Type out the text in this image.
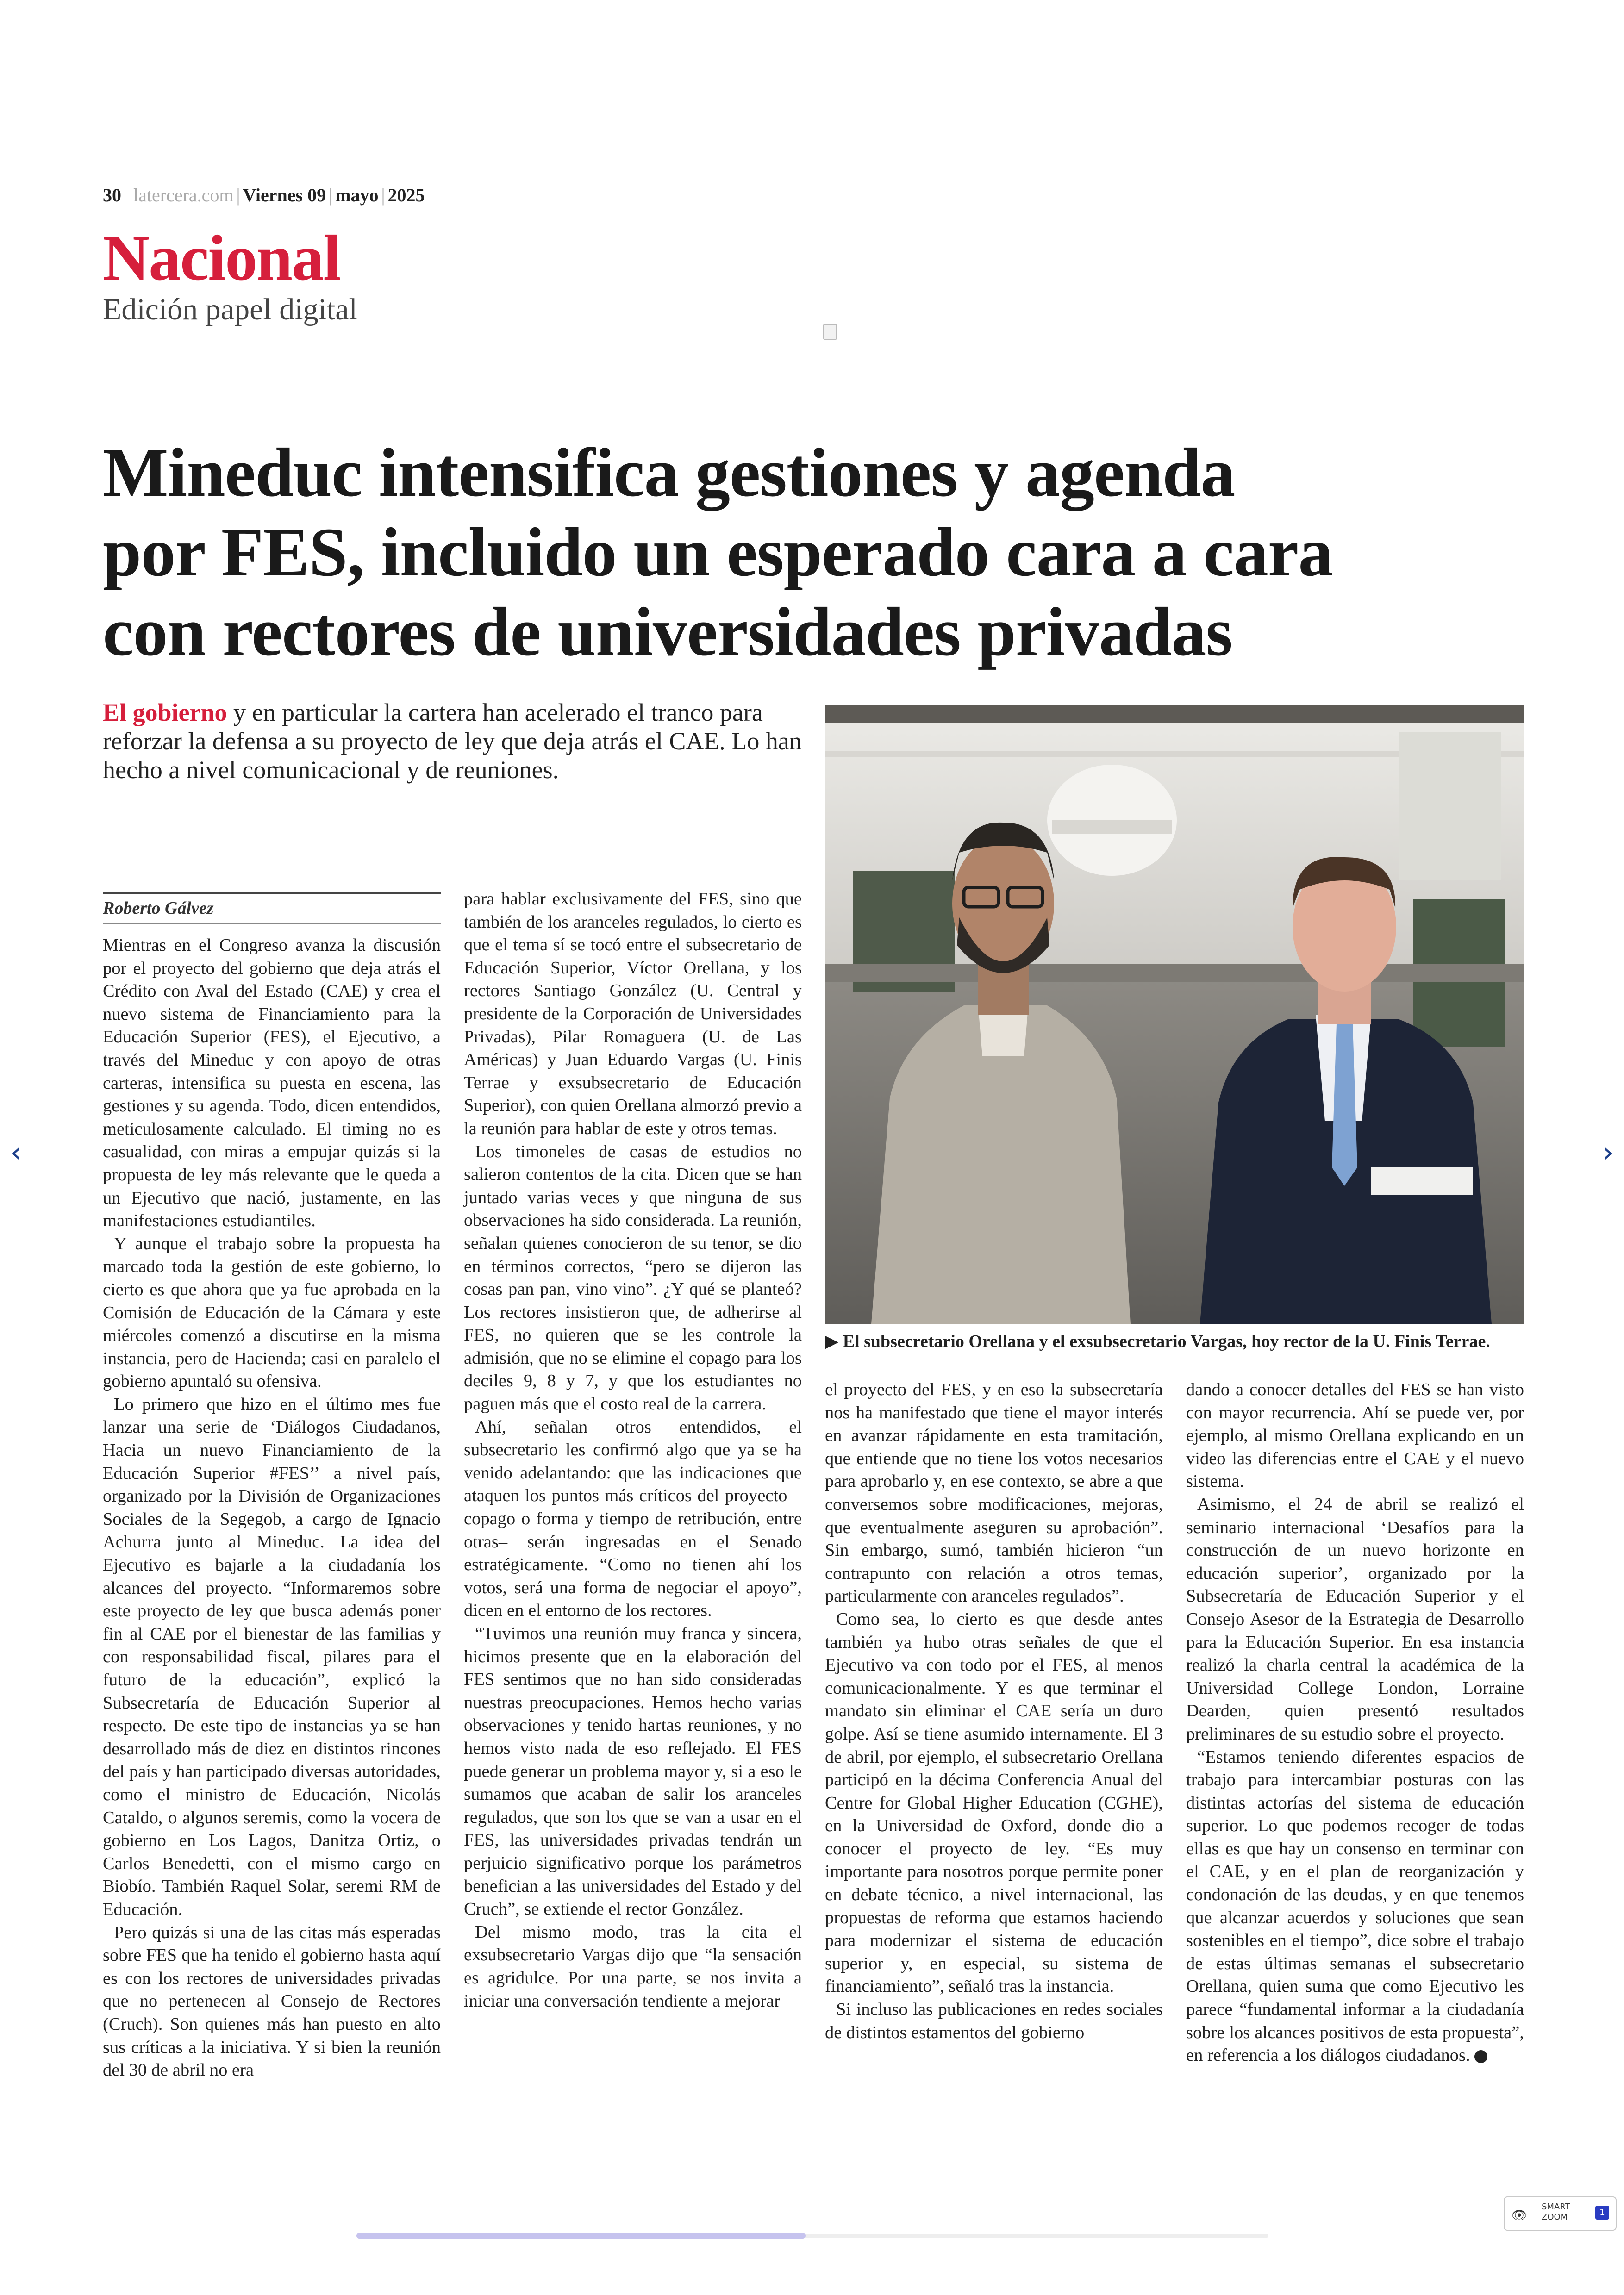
30 latercera.com | Viernes 09 | mayo | 2025
Nacional
Edición papel digital
Mineduc intensifica gestiones y agenda
por FES, incluido un esperado cara a cara
con rectores de universidades privadas
El gobierno y en particular la cartera han acelerado el tranco para reforzar la defensa a su proyecto de ley que deja atrás el CAE. Lo han hecho a nivel comunicacional y de reuniones.
▶ El subsecretario Orellana y el exsubsecretario Vargas, hoy rector de la U. Finis Terrae.
Roberto Gálvez

Mientras en el Congreso avanza la discusión por el proyecto del gobierno que deja atrás el Crédito con Aval del Estado (CAE) y crea el nuevo sistema de Financiamiento para la Educación Superior (FES), el Ejecutivo, a través del Mineduc y con apoyo de otras carteras, intensifica su puesta en escena, las gestiones y su agenda. Todo, dicen entendidos, meticulosamente calculado. El timing no es casualidad, con miras a empujar quizás si la propuesta de ley más relevante que le queda a un Ejecutivo que nació, justamente, en las manifestaciones estudiantiles.

Y aunque el trabajo sobre la propuesta ha marcado toda la gestión de este gobierno, lo cierto es que ahora que ya fue aprobada en la Comisión de Educación de la Cámara y este miércoles comenzó a discutirse en la misma instancia, pero de Hacienda; casi en paralelo el gobierno apuntaló su ofensiva.

Lo primero que hizo en el último mes fue lanzar una serie de ‘Diálogos Ciudadanos, Hacia un nuevo Financiamiento de la Educación Superior #FES’’ a nivel país, organizado por la División de Organizaciones Sociales de la Segegob, a cargo de Ignacio Achurra junto al Mineduc. La idea del Ejecutivo es bajarle a la ciudadanía los alcances del proyecto. “Informaremos sobre este proyecto de ley que busca además poner fin al CAE por el bienestar de las familias y con responsabilidad fiscal, pilares para el futuro de la educación”, explicó la Subsecretaría de Educación Superior al respecto. De este tipo de instancias ya se han desarrollado más de diez en distintos rincones del país y han participado diversas autoridades, como el ministro de Educación, Nicolás Cataldo, o algunos seremis, como la vocera de gobierno en Los Lagos, Danitza Ortiz, o Carlos Benedetti, con el mismo cargo en Biobío. También Raquel Solar, seremi RM de Educación.

Pero quizás si una de las citas más esperadas sobre FES que ha tenido el gobierno hasta aquí es con los rectores de universidades privadas que no pertenecen al Consejo de Rectores (Cruch). Son quienes más han puesto en alto sus críticas a la iniciativa. Y si bien la reunión del 30 de abril no era

para hablar exclusivamente del FES, sino que también de los aranceles regulados, lo cierto es que el tema sí se tocó entre el subsecretario de Educación Superior, Víctor Orellana, y los rectores Santiago González (U. Central y presidente de la Corporación de Universidades Privadas), Pilar Romaguera (U. de Las Américas) y Juan Eduardo Vargas (U. Finis Terrae y exsubsecretario de Educación Superior), con quien Orellana almorzó previo a la reunión para hablar de este y otros temas.

Los timoneles de casas de estudios no salieron contentos de la cita. Dicen que se han juntado varias veces y que ninguna de sus observaciones ha sido considerada. La reunión, señalan quienes conocieron de su tenor, se dio en términos correctos, “pero se dijeron las cosas pan pan, vino vino”. ¿Y qué se planteó? Los rectores insistieron que, de adherirse al FES, no quieren que se les controle la admisión, que no se elimine el copago para los deciles 9, 8 y 7, y que los estudiantes no paguen más que el costo real de la carrera.

Ahí, señalan otros entendidos, el subsecretario les confirmó algo que ya se ha venido adelantando: que las indicaciones que ataquen los puntos más críticos del proyecto –copago o forma y tiempo de retribución, entre otras– serán ingresadas en el Senado estratégicamente. “Como no tienen ahí los votos, será una forma de negociar el apoyo”, dicen en el entorno de los rectores.

“Tuvimos una reunión muy franca y sincera, hicimos presente que en la elaboración del FES sentimos que no han sido consideradas nuestras preocupaciones. Hemos hecho varias observaciones y tenido hartas reuniones, y no hemos visto nada de eso reflejado. El FES puede generar un problema mayor y, si a eso le sumamos que acaban de salir los aranceles regulados, que son los que se van a usar en el FES, las universidades privadas tendrán un perjuicio significativo porque los parámetros benefician a las universidades del Estado y del Cruch”, se extiende el rector González.

Del mismo modo, tras la cita el exsubsecretario Vargas dijo que “la sensación es agridulce. Por una parte, se nos invita a iniciar una conversación tendiente a mejorar

el proyecto del FES, y en eso la subsecretaría nos ha manifestado que tiene el mayor interés en avanzar rápidamente en esta tramitación, que entiende que no tiene los votos necesarios para aprobarlo y, en ese contexto, se abre a que conversemos sobre modificaciones, mejoras, que eventualmente aseguren su aprobación”. Sin embargo, sumó, también hicieron “un contrapunto con relación a otros temas, particularmente con aranceles regulados”.

Como sea, lo cierto es que desde antes también ya hubo otras señales de que el Ejecutivo va con todo por el FES, al menos comunicacionalmente. Y es que terminar el mandato sin eliminar el CAE sería un duro golpe. Así se tiene asumido internamente. El 3 de abril, por ejemplo, el subsecretario Orellana participó en la décima Conferencia Anual del Centre for Global Higher Education (CGHE), en la Universidad de Oxford, donde dio a conocer el proyecto de ley. “Es muy importante para nosotros porque permite poner en debate técnico, a nivel internacional, las propuestas de reforma que estamos haciendo para modernizar el sistema de educación superior y, en especial, su sistema de financiamiento”, señaló tras la instancia.

Si incluso las publicaciones en redes sociales de distintos estamentos del gobierno

dando a conocer detalles del FES se han visto con mayor recurrencia. Ahí se puede ver, por ejemplo, al mismo Orellana explicando en un video las diferencias entre el CAE y el nuevo sistema.

Asimismo, el 24 de abril se realizó el seminario internacional ‘Desafíos para la construcción de un nuevo horizonte en educación superior’, organizado por la Subsecretaría de Educación Superior y el Consejo Asesor de la Estrategia de Desarrollo para la Educación Superior. En esa instancia realizó la charla central la académica de la Universidad College London, Lorraine Dearden, quien presentó resultados preliminares de su estudio sobre el proyecto.

“Estamos teniendo diferentes espacios de trabajo para intercambiar posturas con las distintas actorías del sistema de educación superior. Lo que podemos recoger de todas ellas es que hay un consenso en terminar con el CAE, y en el plan de reorganización y condonación de las deudas, y en que tenemos que alcanzar acuerdos y soluciones que sean sostenibles en el tiempo”, dice sobre el trabajo de estas últimas semanas el subsecretario Orellana, quien suma que como Ejecutivo les parece “fundamental informar a la ciudadanía sobre los alcances positivos de esta propuesta”, en referencia a los diálogos ciudadanos.

‹	›
👁
SMART
ZOOM	1
